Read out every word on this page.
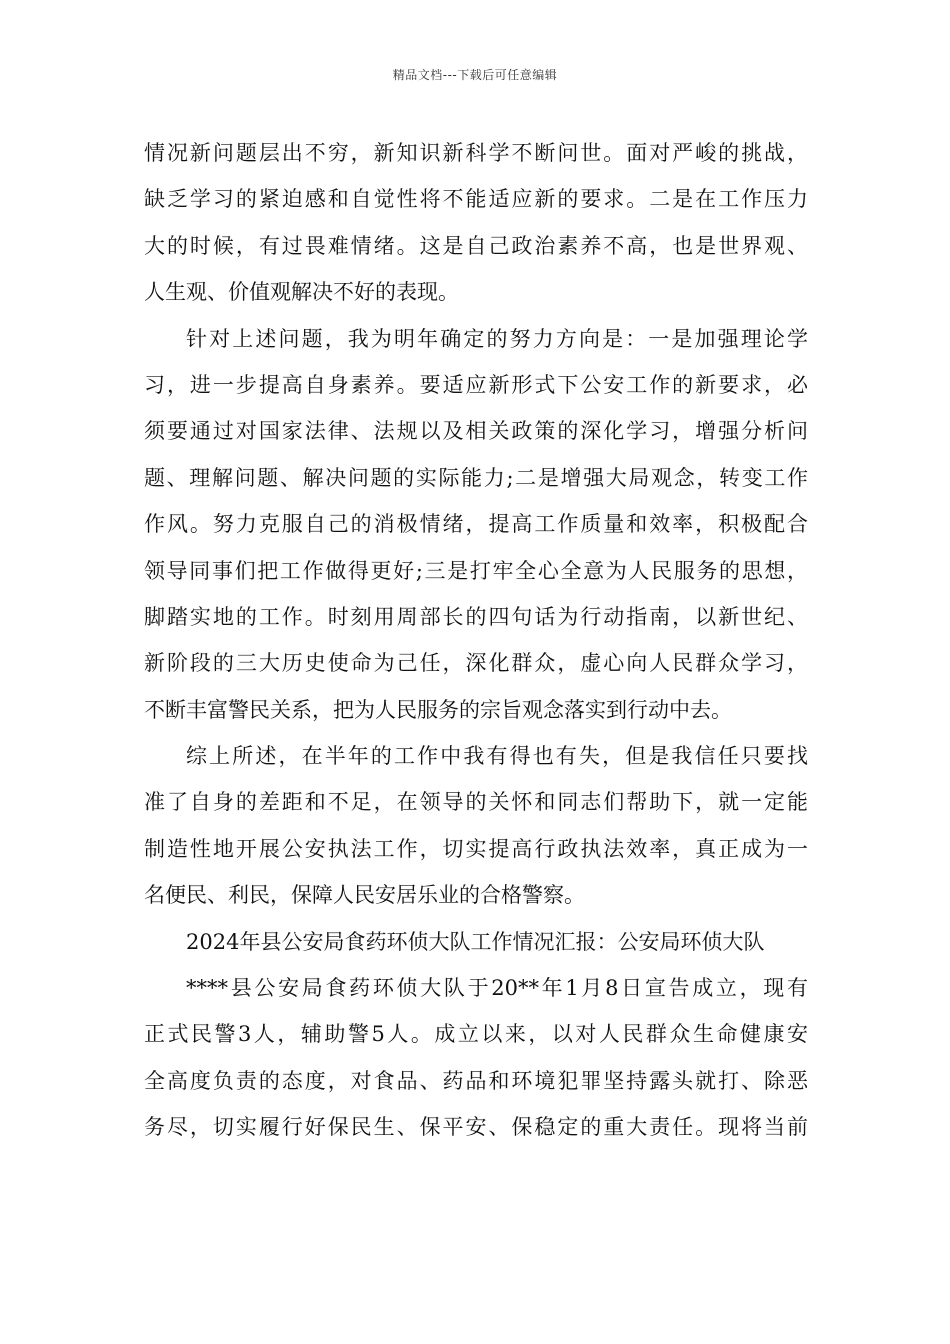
精品文档---下载后可任意编辑
情况新问题层出不穷，新知识新科学不断问世。面对严峻的挑战，
缺乏学习的紧迫感和自觉性将不能适应新的要求。二是在工作压力
大的时候，有过畏难情绪。这是自己政治素养不高，也是世界观、
人生观、价值观解决不好的表现。
针对上述问题，我为明年确定的努力方向是：一是加强理论学
习，进一步提高自身素养。要适应新形式下公安工作的新要求，必
须要通过对国家法律、法规以及相关政策的深化学习，增强分析问
题、理解问题、解决问题的实际能力;二是增强大局观念，转变工作
作风。努力克服自己的消极情绪，提高工作质量和效率，积极配合
领导同事们把工作做得更好;三是打牢全心全意为人民服务的思想，
脚踏实地的工作。时刻用周部长的四句话为行动指南，以新世纪、
新阶段的三大历史使命为己任，深化群众，虚心向人民群众学习，
不断丰富警民关系，把为人民服务的宗旨观念落实到行动中去。
综上所述，在半年的工作中我有得也有失，但是我信任只要找
准了自身的差距和不足，在领导的关怀和同志们帮助下，就一定能
制造性地开展公安执法工作，切实提高行政执法效率，真正成为一
名便民、利民，保障人民安居乐业的合格警察。
2024年县公安局食药环侦大队工作情况汇报：公安局环侦大队
****县公安局食药环侦大队于20**年1月8日宣告成立，现有
正式民警3人，辅助警5人。成立以来，以对人民群众生命健康安
全高度负责的态度，对食品、药品和环境犯罪坚持露头就打、除恶
务尽，切实履行好保民生、保平安、保稳定的重大责任。现将当前
